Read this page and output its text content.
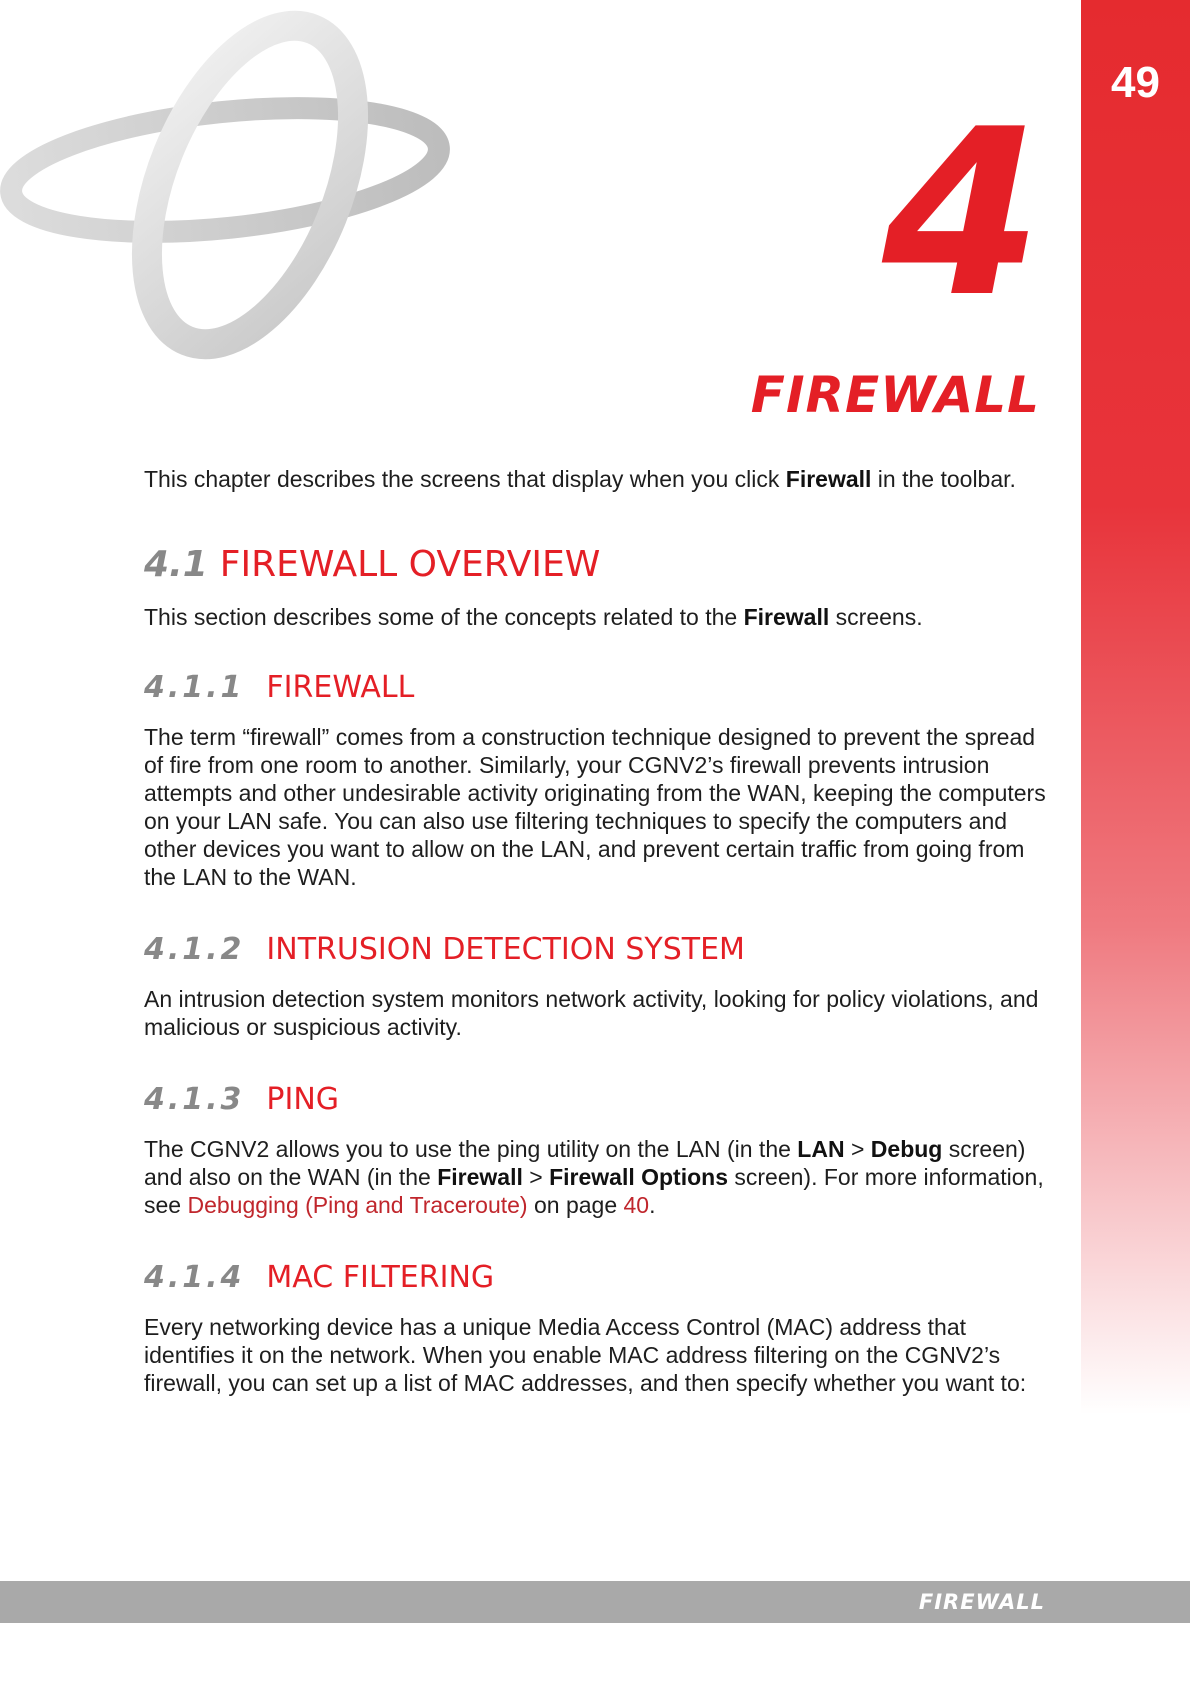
49
4
FIREWALL

This chapter describes the screens that display when you click Firewall in the toolbar.

4.1 FIREWALL OVERVIEW

This section describes some of the concepts related to the Firewall screens.

4.1.1 FIREWALL

The term “firewall” comes from a construction technique designed to prevent the spread of fire from one room to another. Similarly, your CGNV2’s firewall prevents intrusion attempts and other undesirable activity originating from the WAN, keeping the computers on your LAN safe. You can also use filtering techniques to specify the computers and other devices you want to allow on the LAN, and prevent certain traffic from going from the LAN to the WAN.

4.1.2 INTRUSION DETECTION SYSTEM

An intrusion detection system monitors network activity, looking for policy violations, and malicious or suspicious activity.

4.1.3 PING

The CGNV2 allows you to use the ping utility on the LAN (in the LAN > Debug screen) and also on the WAN (in the Firewall > Firewall Options screen). For more information, see Debugging (Ping and Traceroute) on page 40.

4.1.4 MAC FILTERING

Every networking device has a unique Media Access Control (MAC) address that identifies it on the network. When you enable MAC address filtering on the CGNV2’s firewall, you can set up a list of MAC addresses, and then specify whether you want to:

FIREWALL
